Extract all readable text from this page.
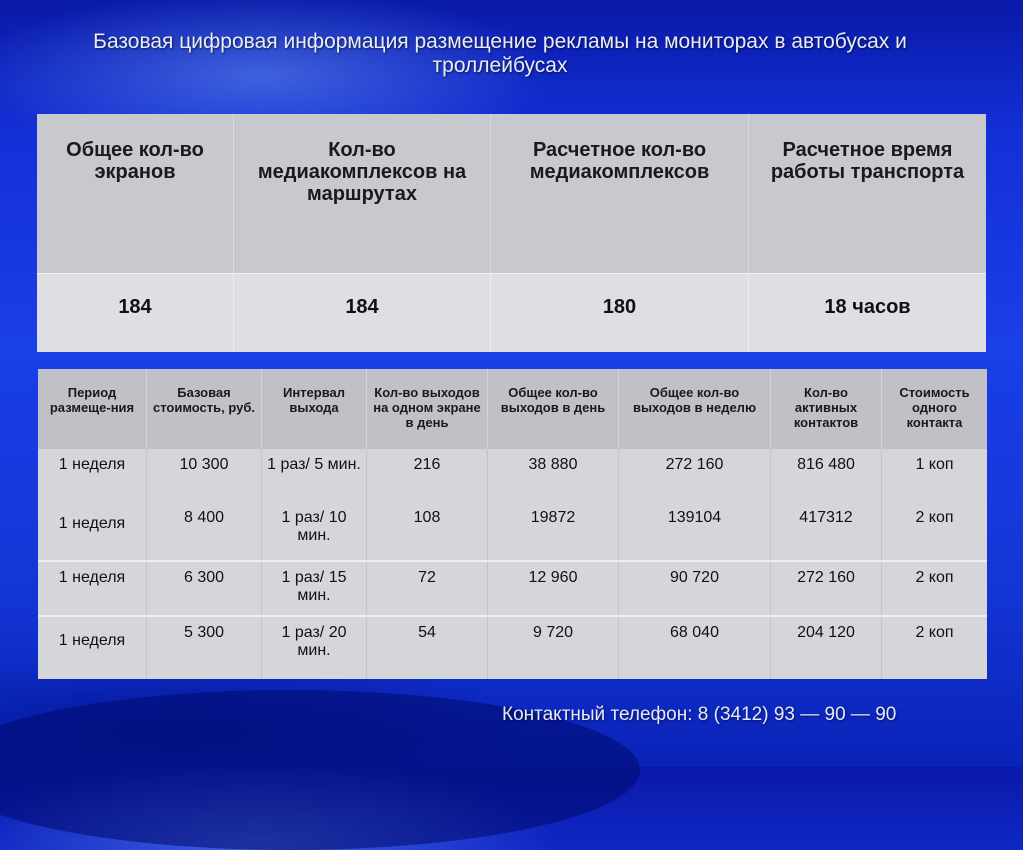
Базовая цифровая информация размещение рекламы на мониторах в автобусах и троллейбусах
Общее кол-во экранов	Кол-во медиакомплексов на маршрутах	Расчетное кол-во медиакомплексов	Расчетное время работы транспорта
184	184	180	18 часов
Период размеще-ния	Базовая стоимость, руб.	Интервал выхода	Кол-во выходов на одном экране в день	Общее кол-во выходов в день	Общее кол-во выходов в неделю	Кол-во активных контактов	Стоимость одного контакта
1 неделя	10 300	1 раз/ 5 мин.	216	38 880	272 160	816 480	1 коп
1 неделя	8 400	1 раз/ 10 мин.	108	19872	139104	417312	2 коп
1 неделя	6 300	1 раз/ 15 мин.	72	12 960	90 720	272 160	2 коп
1 неделя	5 300	1 раз/ 20 мин.	54	9 720	68 040	204 120	2 коп
Контактный телефон: 8 (3412) 93 — 90 — 90
